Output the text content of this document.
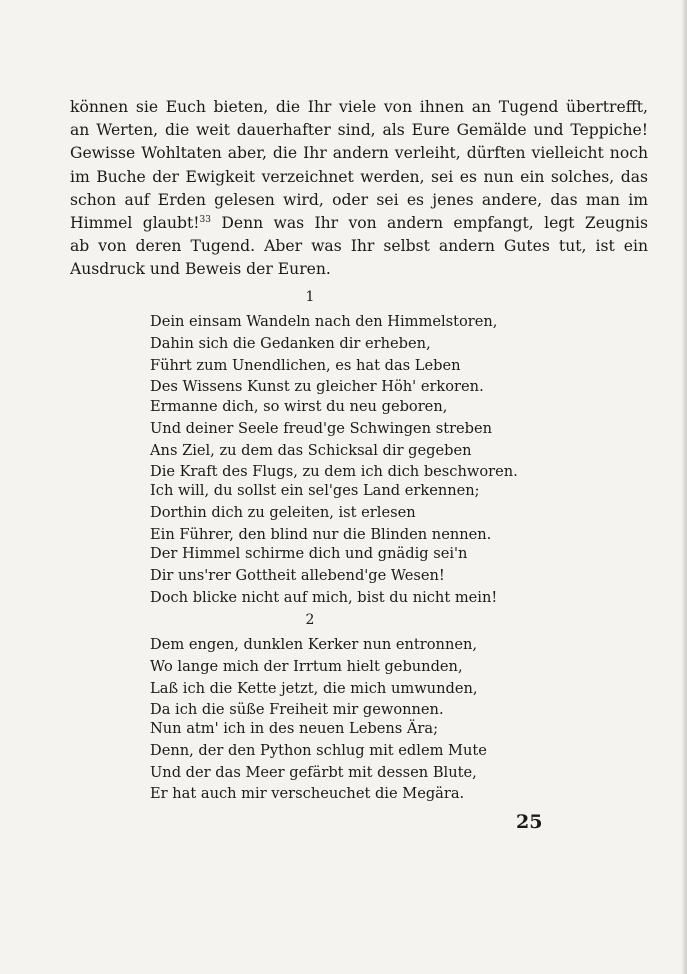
können sie Euch bieten, die Ihr viele von ihnen an Tugend übertrefft,
an Werten, die weit dauerhafter sind, als Eure Gemälde und Teppiche!
Gewisse Wohltaten aber, die Ihr andern verleiht, dürften vielleicht noch
im Buche der Ewigkeit verzeichnet werden, sei es nun ein solches, das
schon auf Erden gelesen wird, oder sei es jenes andere, das man im
Himmel glaubt!$^{33}$ Denn was Ihr von andern empfangt, legt Zeugnis
ab von deren Tugend. Aber was Ihr selbst andern Gutes tut, ist ein
Ausdruck und Beweis der Euren.
1
Dein einsam Wandeln nach den Himmelstoren,
Dahin sich die Gedanken dir erheben,
Führt zum Unendlichen, es hat das Leben
Des Wissens Kunst zu gleicher Höh' erkoren.
Ermanne dich, so wirst du neu geboren,
Und deiner Seele freud'ge Schwingen streben
Ans Ziel, zu dem das Schicksal dir gegeben
Die Kraft des Flugs, zu dem ich dich beschworen.
Ich will, du sollst ein sel'ges Land erkennen;
Dorthin dich zu geleiten, ist erlesen
Ein Führer, den blind nur die Blinden nennen.
Der Himmel schirme dich und gnädig sei'n
Dir uns'rer Gottheit allebend'ge Wesen!
Doch blicke nicht auf mich, bist du nicht mein!
2
Dem engen, dunklen Kerker nun entronnen,
Wo lange mich der Irrtum hielt gebunden,
Laß ich die Kette jetzt, die mich umwunden,
Da ich die süße Freiheit mir gewonnen.
Nun atm' ich in des neuen Lebens Ära;
Denn, der den Python schlug mit edlem Mute
Und der das Meer gefärbt mit dessen Blute,
Er hat auch mir verscheuchet die Megära.
25
